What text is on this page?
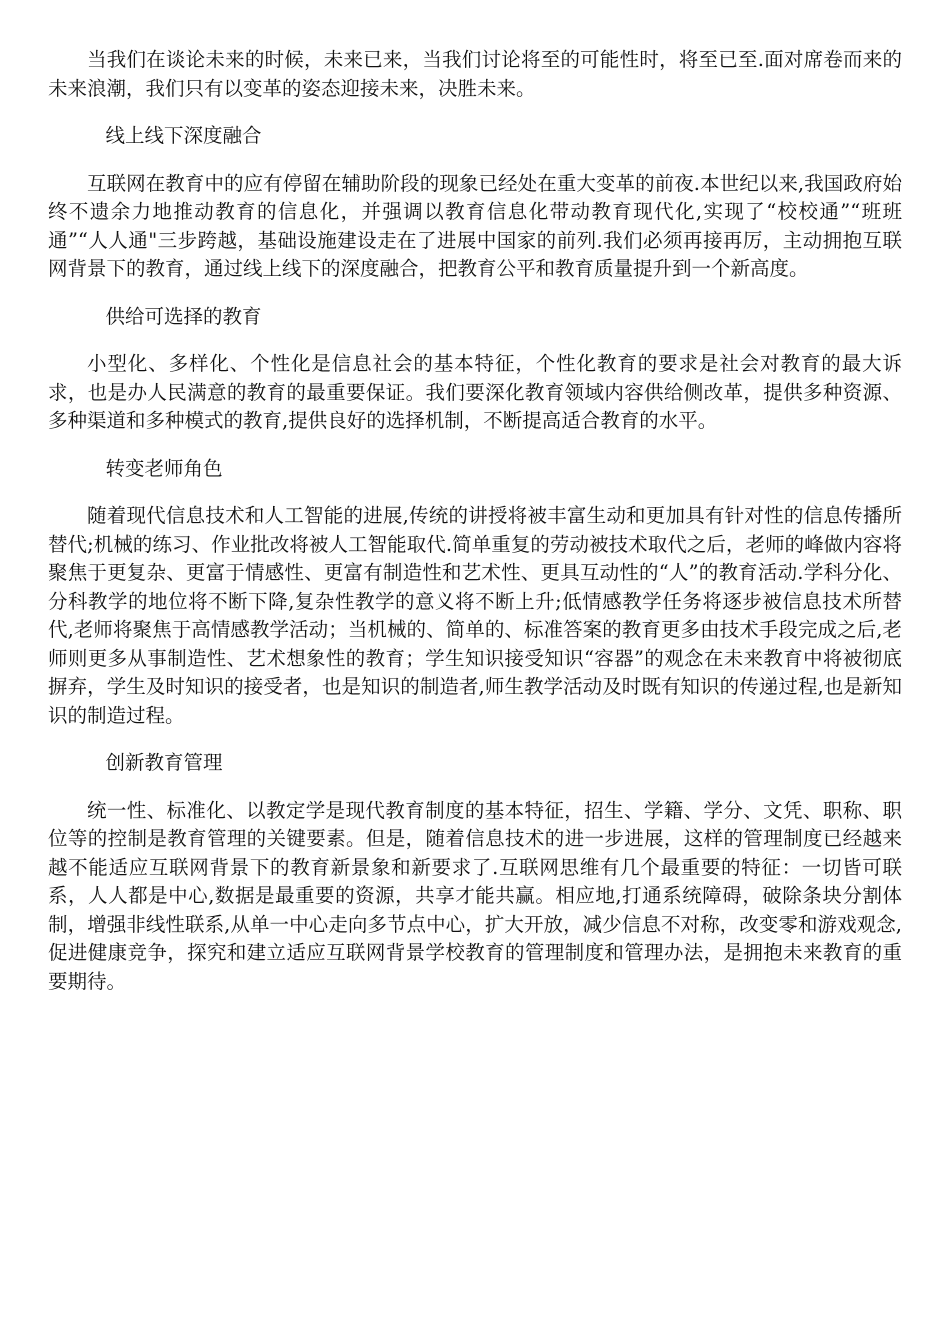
当我们在谈论未来的时候，未来已来，当我们讨论将至的可能性时，将至已至.面对席卷而来的未来浪潮，我们只有以变革的姿态迎接未来，决胜未来。

线上线下深度融合

互联网在教育中的应有停留在辅助阶段的现象已经处在重大变革的前夜.本世纪以来,我国政府始终不遗余力地推动教育的信息化，并强调以教育信息化带动教育现代化,实现了“校校通”“班班通”“人人通"三步跨越，基础设施建设走在了进展中国家的前列.我们必须再接再厉，主动拥抱互联网背景下的教育，通过线上线下的深度融合，把教育公平和教育质量提升到一个新高度。

供给可选择的教育

小型化、多样化、个性化是信息社会的基本特征，个性化教育的要求是社会对教育的最大诉求，也是办人民满意的教育的最重要保证。我们要深化教育领域内容供给侧改革，提供多种资源、多种渠道和多种模式的教育,提供良好的选择机制，不断提高适合教育的水平。

转变老师角色

随着现代信息技术和人工智能的进展,传统的讲授将被丰富生动和更加具有针对性的信息传播所替代;机械的练习、作业批改将被人工智能取代.简单重复的劳动被技术取代之后，老师的峰做内容将聚焦于更复杂、更富于情感性、更富有制造性和艺术性、更具互动性的“人”的教育活动.学科分化、分科教学的地位将不断下降,复杂性教学的意义将不断上升;低情感教学任务将逐步被信息技术所替代,老师将聚焦于高情感教学活动；当机械的、简单的、标准答案的教育更多由技术手段完成之后,老师则更多从事制造性、艺术想象性的教育；学生知识接受知识“容器”的观念在未来教育中将被彻底摒弃，学生及时知识的接受者，也是知识的制造者,师生教学活动及时既有知识的传递过程,也是新知识的制造过程。

创新教育管理

统一性、标准化、以教定学是现代教育制度的基本特征，招生、学籍、学分、文凭、职称、职位等的控制是教育管理的关键要素。但是，随着信息技术的进一步进展，这样的管理制度已经越来越不能适应互联网背景下的教育新景象和新要求了.互联网思维有几个最重要的特征：一切皆可联系，人人都是中心,数据是最重要的资源，共享才能共赢。相应地,打通系统障碍，破除条块分割体制，增强非线性联系,从单一中心走向多节点中心，扩大开放，减少信息不对称，改变零和游戏观念,促进健康竞争，探究和建立适应互联网背景学校教育的管理制度和管理办法，是拥抱未来教育的重要期待。
